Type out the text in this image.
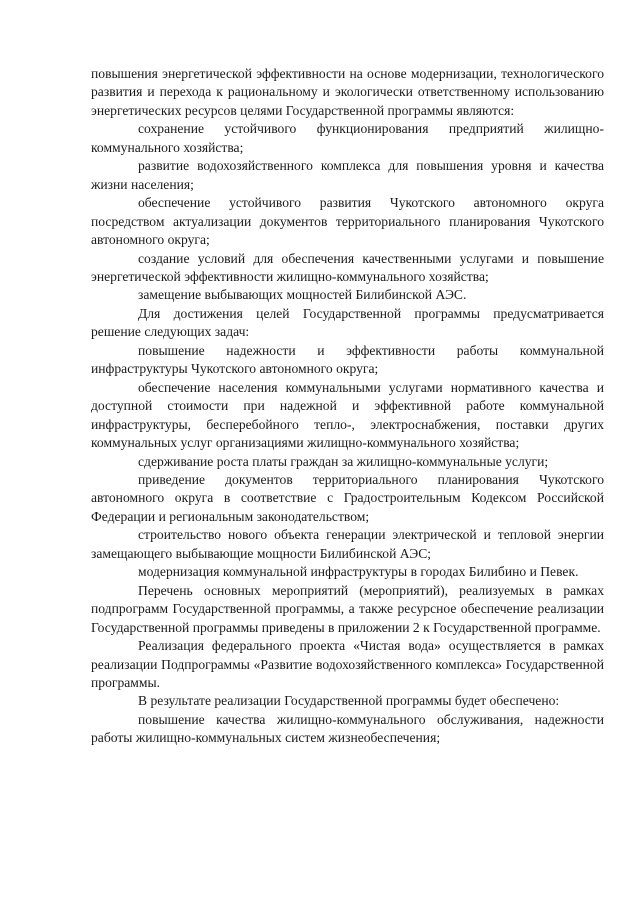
повышения энергетической эффективности на основе модернизации, технологического развития и перехода к рациональному и экологически ответственному использованию энергетических ресурсов целями Государственной программы являются:

сохранение устойчивого функционирования предприятий жилищно-коммунального хозяйства;

развитие водохозяйственного комплекса для повышения уровня и качества жизни населения;

обеспечение устойчивого развития Чукотского автономного округа посредством актуализации документов территориального планирования Чукотского автономного округа;

создание условий для обеспечения качественными услугами и повышение энергетической эффективности жилищно-коммунального хозяйства;

замещение выбывающих мощностей Билибинской АЭС.

Для достижения целей Государственной программы предусматривается решение следующих задач:

повышение надежности и эффективности работы коммунальной инфраструктуры Чукотского автономного округа;

обеспечение населения коммунальными услугами нормативного качества и доступной стоимости при надежной и эффективной работе коммунальной инфраструктуры, бесперебойного тепло-, электроснабжения, поставки других коммунальных услуг организациями жилищно-коммунального хозяйства;

сдерживание роста платы граждан за жилищно-коммунальные услуги;

приведение документов территориального планирования Чукотского автономного округа в соответствие с Градостроительным Кодексом Российской Федерации и региональным законодательством;

строительство нового объекта генерации электрической и тепловой энергии замещающего выбывающие мощности Билибинской АЭС;

модернизация коммунальной инфраструктуры в городах Билибино и Певек.

Перечень основных мероприятий (мероприятий), реализуемых в рамках подпрограмм Государственной программы, а также ресурсное обеспечение реализации Государственной программы приведены в приложении 2 к Государственной программе.

Реализация федерального проекта «Чистая вода» осуществляется в рамках реализации Подпрограммы «Развитие водохозяйственного комплекса» Государственной программы.

В результате реализации Государственной программы будет обеспечено:

повышение качества жилищно-коммунального обслуживания, надежности работы жилищно-коммунальных систем жизнеобеспечения;
